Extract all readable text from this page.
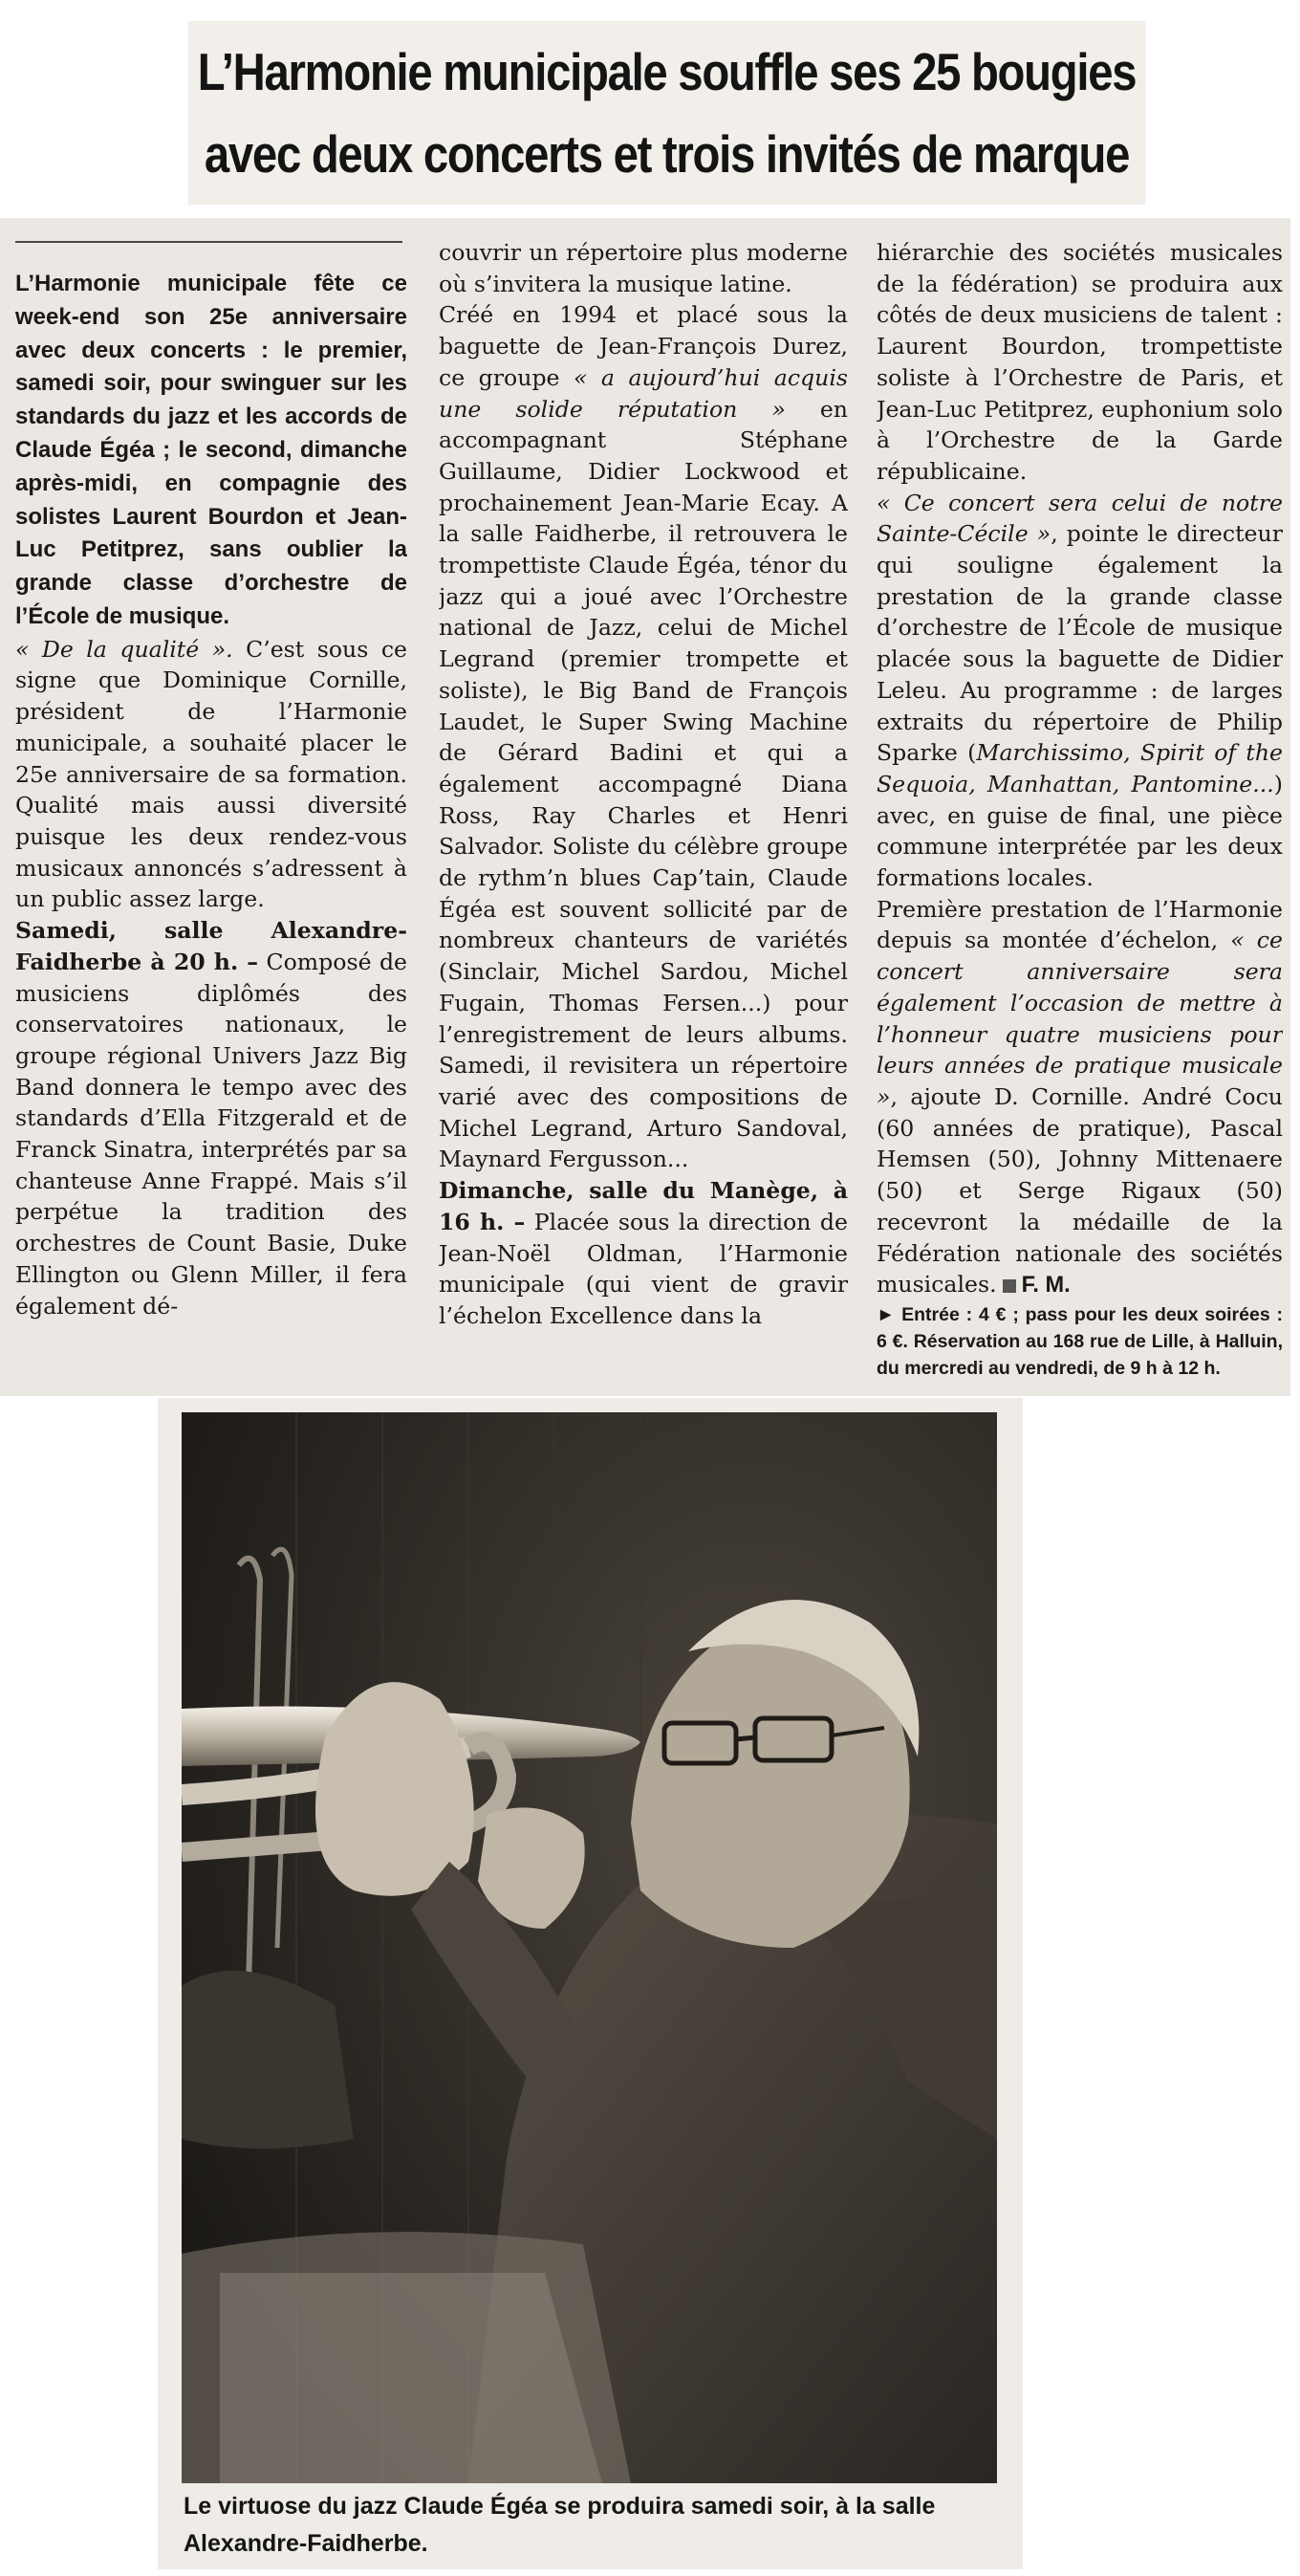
L’Harmonie municipale souffle ses 25 bougies
avec deux concerts et trois invités de marque

L’Harmonie municipale fête ce week-end son 25e anniversaire avec deux concerts : le premier, samedi soir, pour swinguer sur les standards du jazz et les accords de Claude Égéa ; le second, dimanche après-midi, en compagnie des solistes Laurent Bourdon et Jean-Luc Petitprez, sans oublier la grande classe d’orchestre de l’École de musique.

« De la qualité ». C’est sous ce signe que Dominique Cornille, président de l’Harmonie municipale, a souhaité placer le 25e anniversaire de sa formation. Qualité mais aussi diversité puisque les deux rendez-vous musicaux annoncés s’adressent à un public assez large.

Samedi, salle Alexandre-Faidherbe à 20 h. – Composé de musiciens diplômés des conservatoires nationaux, le groupe régional Univers Jazz Big Band donnera le tempo avec des standards d’Ella Fitzgerald et de Franck Sinatra, interprétés par sa chanteuse Anne Frappé. Mais s’il perpétue la tradition des orchestres de Count Basie, Duke Ellington ou Glenn Miller, il fera également dé-

couvrir un répertoire plus moderne où s’invitera la musique latine.

Créé en 1994 et placé sous la baguette de Jean-François Durez, ce groupe « a aujourd’hui acquis une solide réputation » en accompagnant Stéphane Guillaume, Didier Lockwood et prochainement Jean-Marie Ecay. A la salle Faidherbe, il retrouvera le trompettiste Claude Égéa, ténor du jazz qui a joué avec l’Orchestre national de Jazz, celui de Michel Legrand (premier trompette et soliste), le Big Band de François Laudet, le Super Swing Machine de Gérard Badini et qui a également accompagné Diana Ross, Ray Charles et Henri Salvador. Soliste du célèbre groupe de rythm’n blues Cap’tain, Claude Égéa est souvent sollicité par de nombreux chanteurs de variétés (Sinclair, Michel Sardou, Michel Fugain, Thomas Fersen...) pour l’enregistrement de leurs albums. Samedi, il revisitera un répertoire varié avec des compositions de Michel Legrand, Arturo Sandoval, Maynard Fergusson...

Dimanche, salle du Manège, à 16 h. – Placée sous la direction de Jean-Noël Oldman, l’Harmonie municipale (qui vient de gravir l’échelon Excellence dans la

hiérarchie des sociétés musicales de la fédération) se produira aux côtés de deux musiciens de talent : Laurent Bourdon, trompettiste soliste à l’Orchestre de Paris, et Jean-Luc Petitprez, euphonium solo à l’Orchestre de la Garde républicaine.

« Ce concert sera celui de notre Sainte-Cécile », pointe le directeur qui souligne également la prestation de la grande classe d’orchestre de l’École de musique placée sous la baguette de Didier Leleu. Au programme : de larges extraits du répertoire de Philip Sparke (Marchissimo, Spirit of the Sequoia, Manhattan, Pantomine...) avec, en guise de final, une pièce commune interprétée par les deux formations locales.

Première prestation de l’Harmonie depuis sa montée d’échelon, « ce concert anniversaire sera également l’occasion de mettre à l’honneur quatre musiciens pour leurs années de pratique musicale », ajoute D. Cornille. André Cocu (60 années de pratique), Pascal Hemsen (50), Johnny Mittenaere (50) et Serge Rigaux (50) recevront la médaille de la Fédération nationale des sociétés musicales. F. M.

► Entrée : 4 € ; pass pour les deux soirées : 6 €. Réservation au 168 rue de Lille, à Halluin, du mercredi au vendredi, de 9 h à 12 h.

Le virtuose du jazz Claude Égéa se produira samedi soir, à la salle Alexandre-Faidherbe.
